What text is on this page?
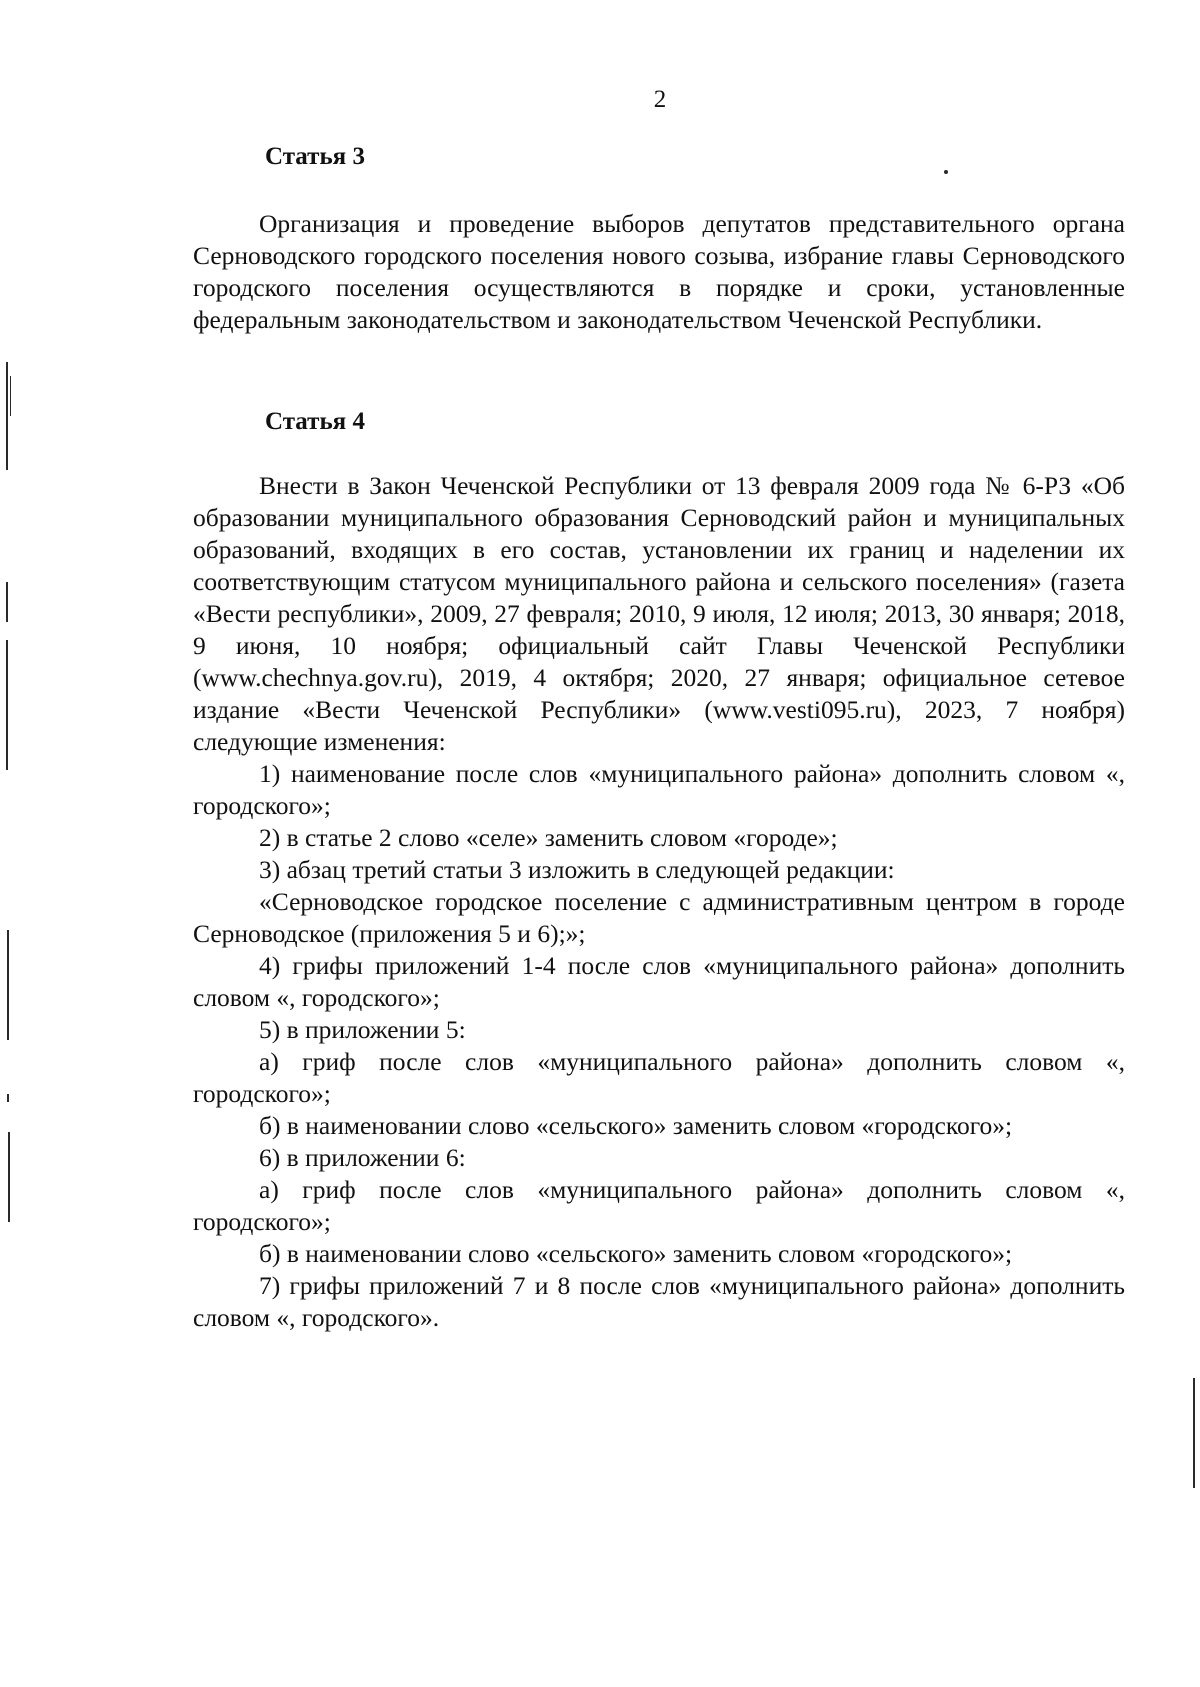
2
Статья 3

Организация и проведение выборов депутатов представительного органа Серноводского городского поселения нового созыва, избрание главы Серноводского городского поселения осуществляются в порядке и сроки, установленные федеральным законодательством и законодательством Чеченской Республики.

Статья 4

Внести в Закон Чеченской Республики от 13 февраля 2009 года № 6-РЗ «Об образовании муниципального образования Серноводский район и муниципальных образований, входящих в его состав, установлении их границ и наделении их соответствующим статусом муниципального района и сельского поселения» (газета «Вести республики», 2009, 27 февраля; 2010, 9 июля, 12 июля; 2013, 30 января; 2018, 9 июня, 10 ноября; официальный сайт Главы Чеченской Республики (www.chechnya.gov.ru), 2019, 4 октября; 2020, 27 января; официальное сетевое издание «Вести Чеченской Республики» (www.vesti095.ru), 2023, 7 ноября) следующие изменения:

1) наименование после слов «муниципального района» дополнить словом «, городского»;

2) в статье 2 слово «селе» заменить словом «городе»;

3) абзац третий статьи 3 изложить в следующей редакции:

«Серноводское городское поселение с административным центром в городе Серноводское (приложения 5 и 6);»;

4) грифы приложений 1-4 после слов «муниципального района» дополнить словом «, городского»;

5) в приложении 5:

а) гриф после слов «муниципального района» дополнить словом «, городского»;

б) в наименовании слово «сельского» заменить словом «городского»;

6) в приложении 6:

а) гриф после слов «муниципального района» дополнить словом «, городского»;

б) в наименовании слово «сельского» заменить словом «городского»;

7) грифы приложений 7 и 8 после слов «муниципального района» дополнить словом «, городского».
